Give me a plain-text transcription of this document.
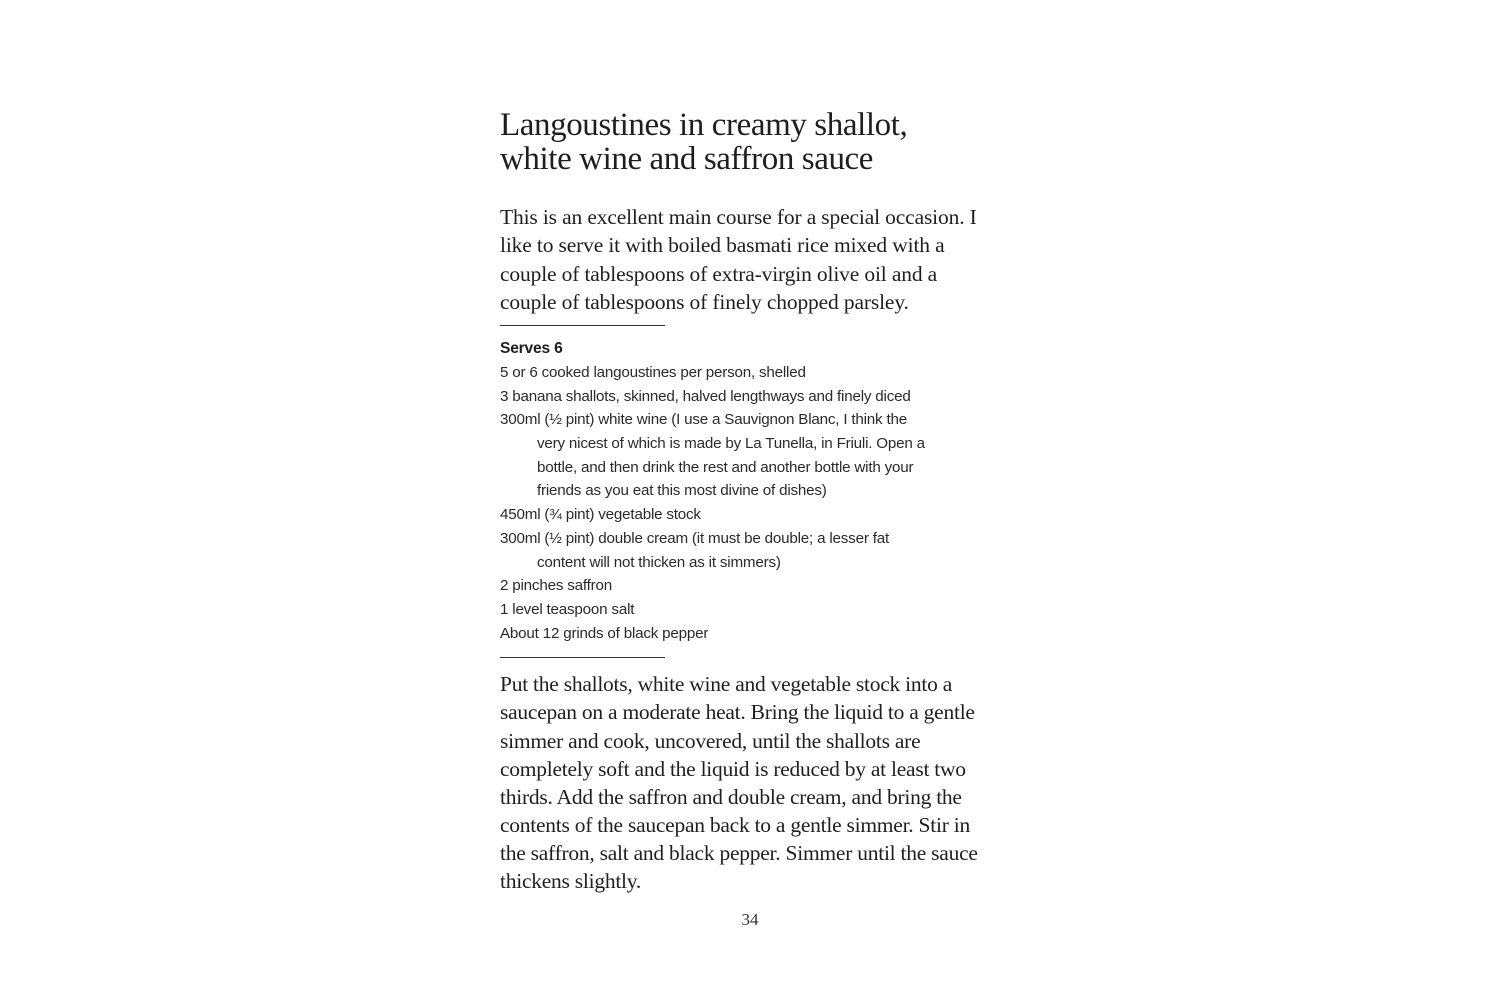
Langoustines in creamy shallot,
white wine and saffron sauce

This is an excellent main course for a special occasion. I
like to serve it with boiled basmati rice mixed with a
couple of tablespoons of extra-virgin olive oil and a
couple of tablespoons of finely chopped parsley.

Serves 6
5 or 6 cooked langoustines per person, shelled
3 banana shallots, skinned, halved lengthways and finely diced
300ml (½ pint) white wine (I use a Sauvignon Blanc, I think the
very nicest of which is made by La Tunella, in Friuli. Open a
bottle, and then drink the rest and another bottle with your
friends as you eat this most divine of dishes)
450ml (¾ pint) vegetable stock
300ml (½ pint) double cream (it must be double; a lesser fat
content will not thicken as it simmers)
2 pinches saffron
1 level teaspoon salt
About 12 grinds of black pepper

Put the shallots, white wine and vegetable stock into a
saucepan on a moderate heat. Bring the liquid to a gentle
simmer and cook, uncovered, until the shallots are
completely soft and the liquid is reduced by at least two
thirds. Add the saffron and double cream, and bring the
contents of the saucepan back to a gentle simmer. Stir in
the saffron, salt and black pepper. Simmer until the sauce
thickens slightly.

34
